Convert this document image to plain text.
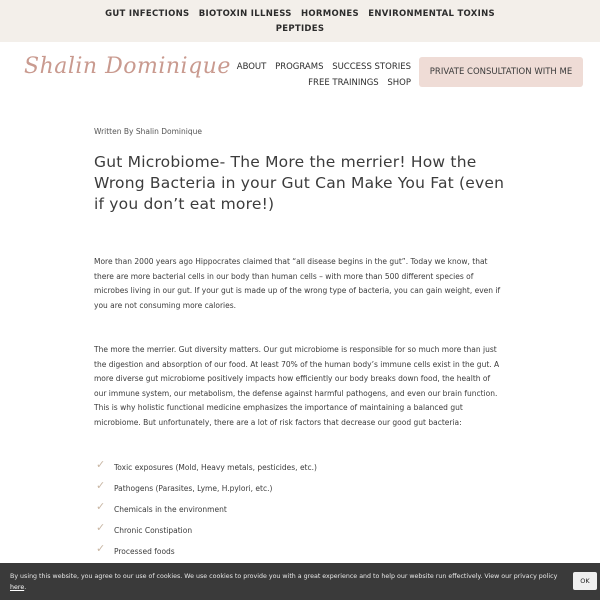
GUT INFECTIONS BIOTOXIN ILLNESS HORMONES ENVIRONMENTAL TOXINS
PEPTIDES
Shalin Dominique ABOUT PROGRAMS SUCCESS STORIES
FREE TRAININGS SHOP
PRIVATE CONSULTATION WITH ME
Written By Shalin Dominique
Gut Microbiome- The More the merrier! How the Wrong Bacteria in your Gut Can Make You Fat (even if you don’t eat more!)
More than 2000 years ago Hippocrates claimed that “all disease begins in the gut”. Today we know, that there are more bacterial cells in our body than human cells – with more than 500 different species of microbes living in our gut. If your gut is made up of the wrong type of bacteria, you can gain weight, even if you are not consuming more calories.
The more the merrier. Gut diversity matters. Our gut microbiome is responsible for so much more than just the digestion and absorption of our food. At least 70% of the human body’s immune cells exist in the gut. A more diverse gut microbiome positively impacts how efficiently our body breaks down food, the health of our immune system, our metabolism, the defense against harmful pathogens, and even our brain function. This is why holistic functional medicine emphasizes the importance of maintaining a balanced gut microbiome. But unfortunately, there are a lot of risk factors that decrease our good gut bacteria:
✓ Toxic exposures (Mold, Heavy metals, pesticides, etc.)
✓ Pathogens (Parasites, Lyme, H.pylori, etc.)
✓ Chemicals in the environment
✓ Chronic Constipation
✓ Processed foods
By using this website, you agree to our use of cookies. We use cookies to provide you with a great experience and to help our website run effectively. View our privacy policy here.
OK
